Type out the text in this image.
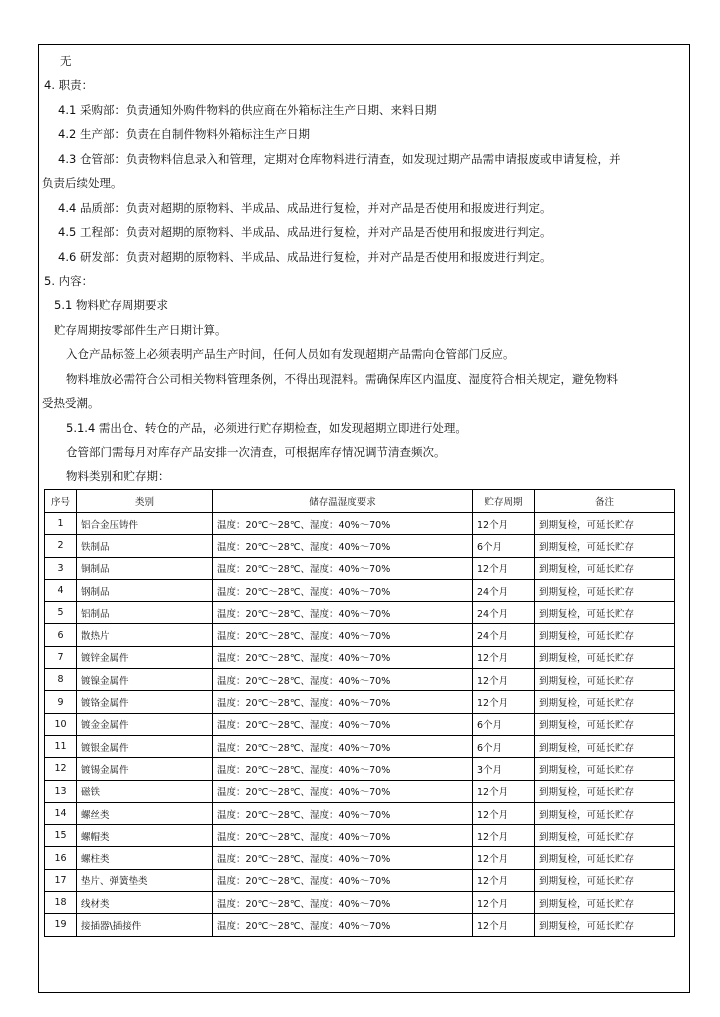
无
4. 职责：
4.1 采购部：负责通知外购件物料的供应商在外箱标注生产日期、来料日期
4.2 生产部：负责在自制件物料外箱标注生产日期
4.3 仓管部：负责物料信息录入和管理，定期对仓库物料进行清查，如发现过期产品需申请报废或申请复检，并
负责后续处理。
4.4 品质部：负责对超期的原物料、半成品、成品进行复检，并对产品是否使用和报废进行判定。
4.5 工程部：负责对超期的原物料、半成品、成品进行复检，并对产品是否使用和报废进行判定。
4.6 研发部：负责对超期的原物料、半成品、成品进行复检，并对产品是否使用和报废进行判定。
5. 内容：
5.1 物料贮存周期要求
贮存周期按零部件生产日期计算。
入仓产品标签上必须表明产品生产时间，任何人员如有发现超期产品需向仓管部门反应。
物料堆放必需符合公司相关物料管理条例，不得出现混料。需确保库区内温度、湿度符合相关规定，避免物料
受热受潮。
5.1.4 需出仓、转仓的产品，必须进行贮存期检查，如发现超期立即进行处理。
仓管部门需每月对库存产品安排一次清查，可根据库存情况调节清查频次。
物料类别和贮存期：
序号	类别	储存温湿度要求	贮存周期	备注
1	铝合金压铸件	温度：20℃～28℃、湿度：40%～70%	12个月	到期复检，可延长贮存
2	铁制品	温度：20℃～28℃、湿度：40%～70%	6个月	到期复检，可延长贮存
3	铜制品	温度：20℃～28℃、湿度：40%～70%	12个月	到期复检，可延长贮存
4	钢制品	温度：20℃～28℃、湿度：40%～70%	24个月	到期复检，可延长贮存
5	铝制品	温度：20℃～28℃、湿度：40%～70%	24个月	到期复检，可延长贮存
6	散热片	温度：20℃～28℃、湿度：40%～70%	24个月	到期复检，可延长贮存
7	镀锌金属件	温度：20℃～28℃、湿度：40%～70%	12个月	到期复检，可延长贮存
8	镀镍金属件	温度：20℃～28℃、湿度：40%～70%	12个月	到期复检，可延长贮存
9	镀铬金属件	温度：20℃～28℃、湿度：40%～70%	12个月	到期复检，可延长贮存
10	镀金金属件	温度：20℃～28℃、湿度：40%～70%	6个月	到期复检，可延长贮存
11	镀银金属件	温度：20℃～28℃、湿度：40%～70%	6个月	到期复检，可延长贮存
12	镀锡金属件	温度：20℃～28℃、湿度：40%～70%	3个月	到期复检，可延长贮存
13	磁铁	温度：20℃～28℃、湿度：40%～70%	12个月	到期复检，可延长贮存
14	螺丝类	温度：20℃～28℃、湿度：40%～70%	12个月	到期复检，可延长贮存
15	螺帽类	温度：20℃～28℃、湿度：40%～70%	12个月	到期复检，可延长贮存
16	螺柱类	温度：20℃～28℃、湿度：40%～70%	12个月	到期复检，可延长贮存
17	垫片、弹簧垫类	温度：20℃～28℃、湿度：40%～70%	12个月	到期复检，可延长贮存
18	线材类	温度：20℃～28℃、湿度：40%～70%	12个月	到期复检，可延长贮存
19	接插器\插接件	温度：20℃～28℃、湿度：40%～70%	12个月	到期复检，可延长贮存
